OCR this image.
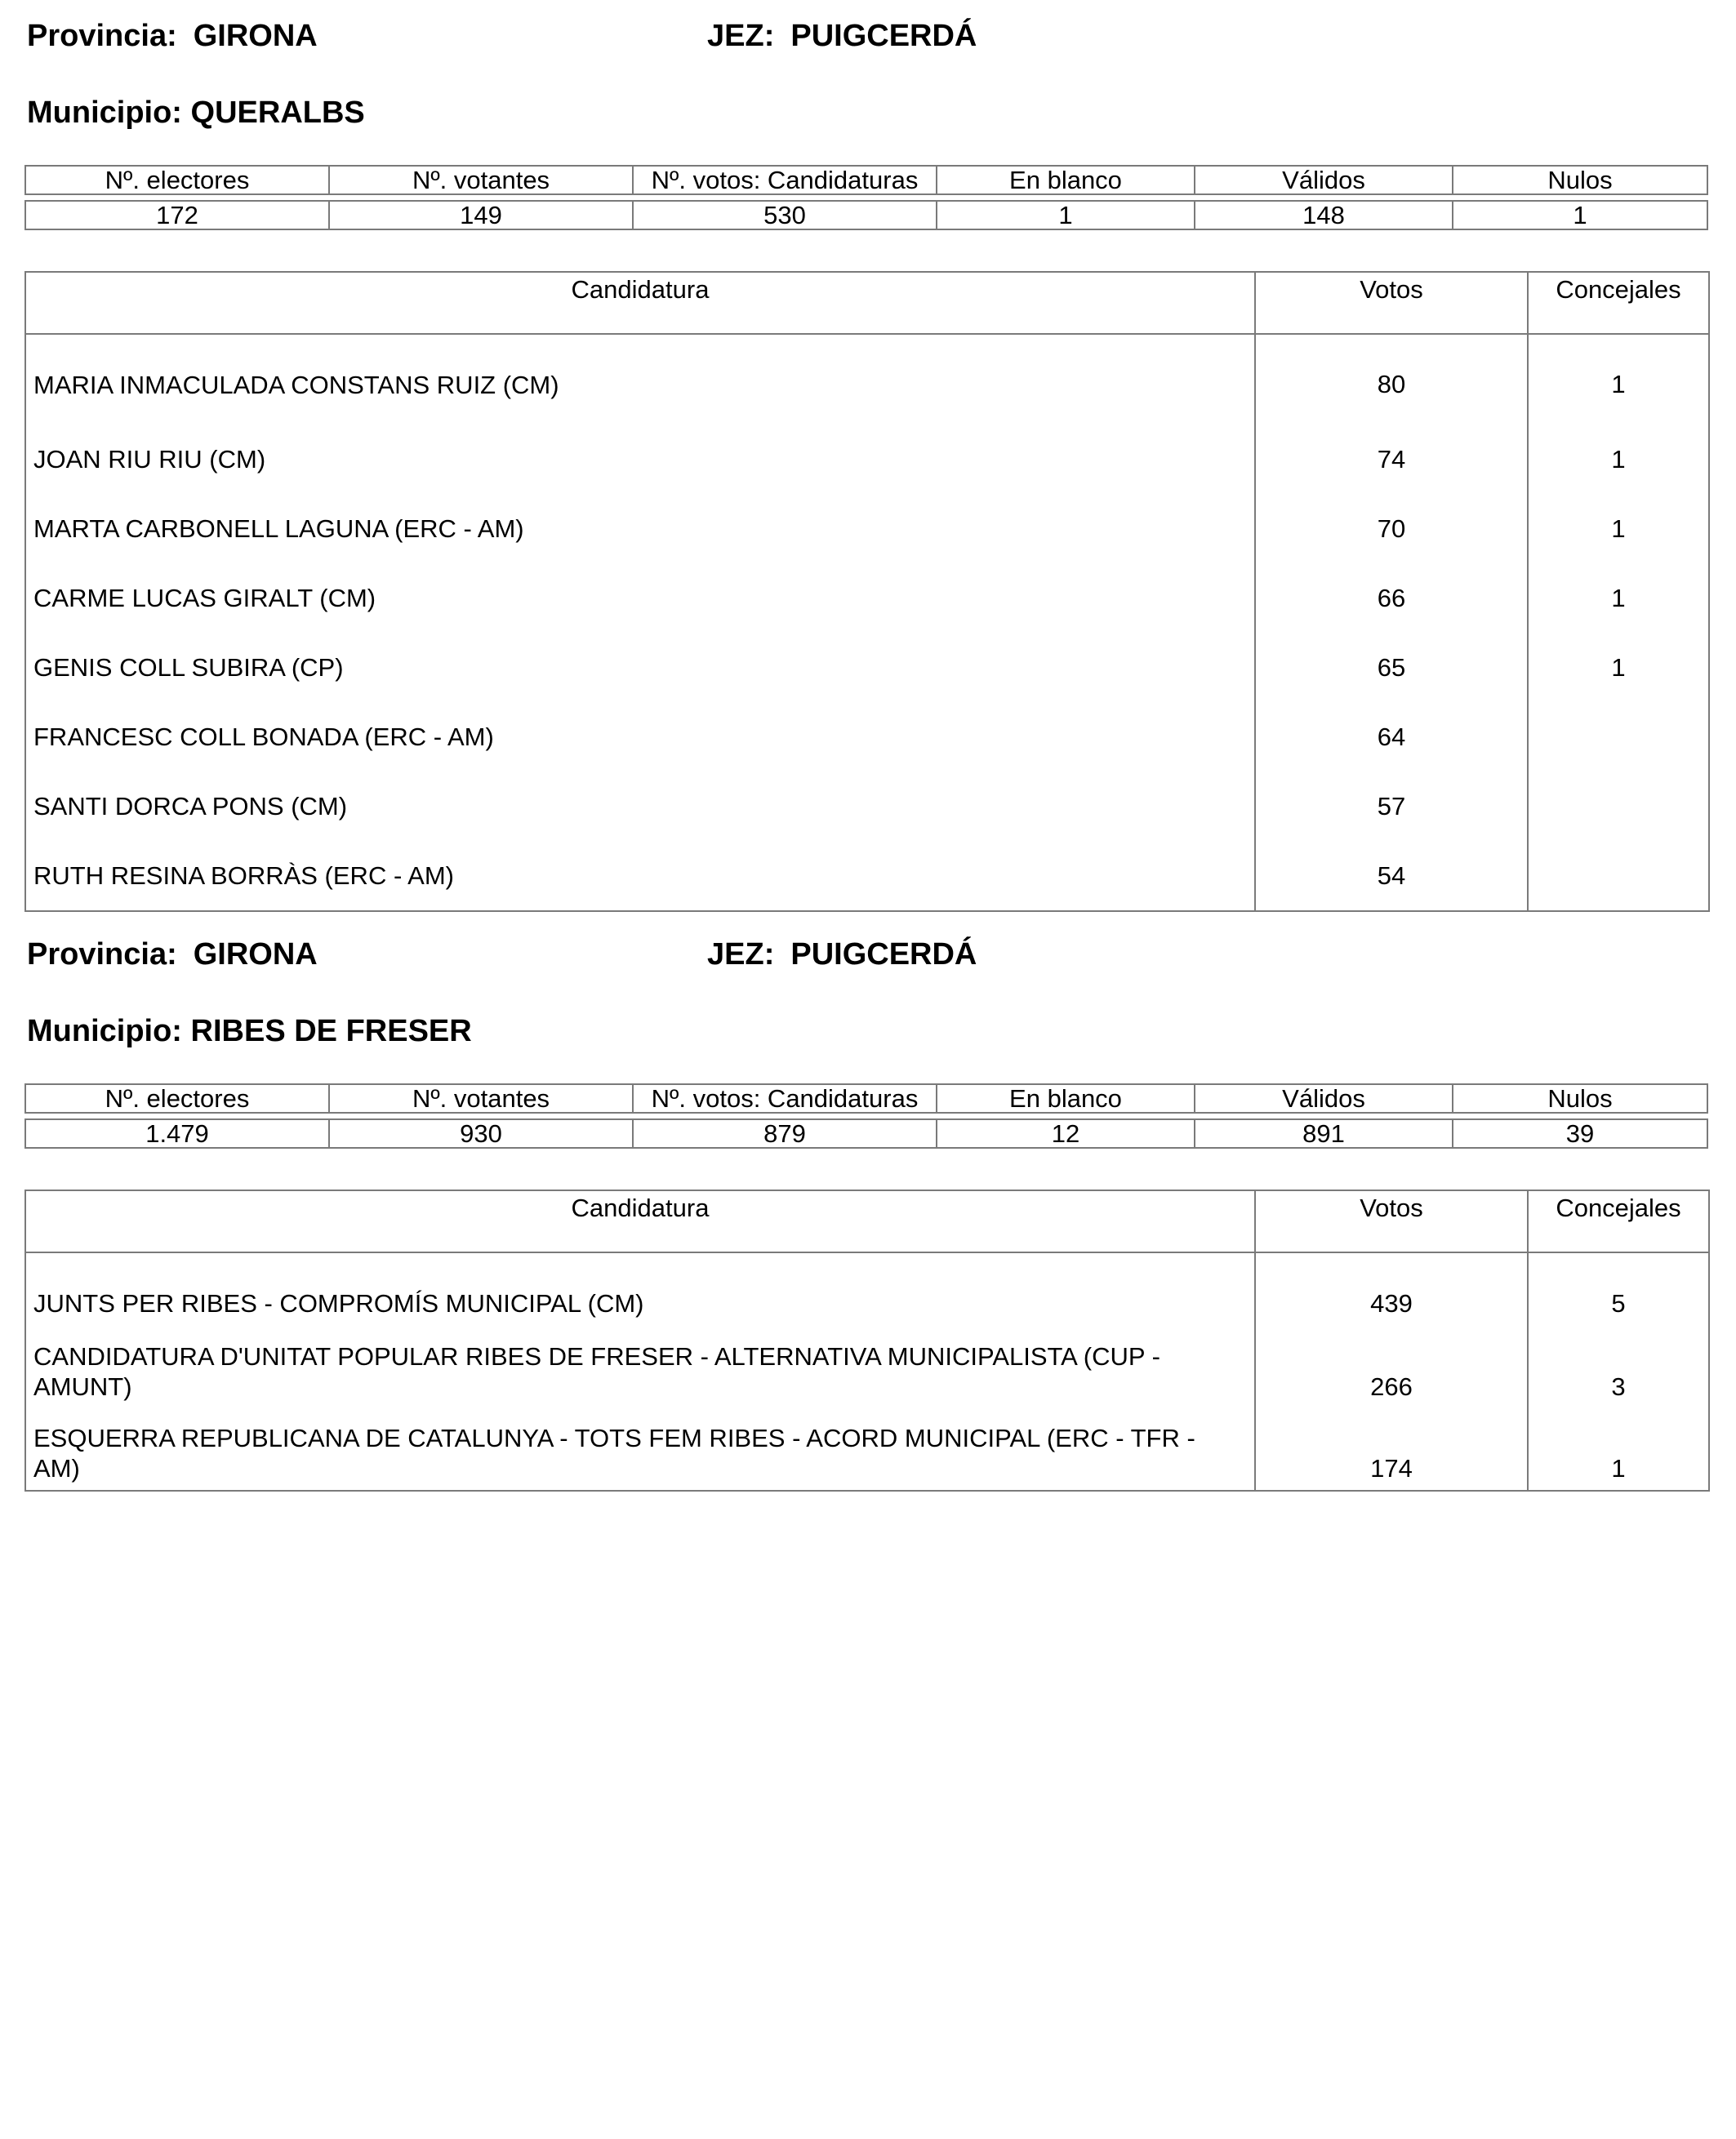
Provincia: GIRONA	JEZ: PUIGCERDÁ
Municipio: QUERALBS
Nº. electores	Nº. votantes	Nº. votos: Candidaturas	En blanco	Válidos	Nulos

172	149	530	1	148	1
Candidatura	Votos	Concejales
MARIA INMACULADA CONSTANS RUIZ (CM)	80	1
JOAN RIU RIU (CM)	74	1
MARTA CARBONELL LAGUNA (ERC - AM)	70	1
CARME LUCAS GIRALT (CM)	66	1
GENIS COLL SUBIRA (CP)	65	1
FRANCESC COLL BONADA (ERC - AM)	64	
SANTI DORCA PONS (CM)	57	
RUTH RESINA BORRÀS (ERC - AM)	54	
Provincia: GIRONA	JEZ: PUIGCERDÁ
Municipio: RIBES DE FRESER
Nº. electores	Nº. votantes	Nº. votos: Candidaturas	En blanco	Válidos	Nulos

1.479	930	879	12	891	39
Candidatura	Votos	Concejales
JUNTS PER RIBES - COMPROMÍS MUNICIPAL (CM)	439	5
CANDIDATURA D'UNITAT POPULAR RIBES DE FRESER - ALTERNATIVA MUNICIPALISTA (CUP - AMUNT)	266	3
ESQUERRA REPUBLICANA DE CATALUNYA - TOTS FEM RIBES - ACORD MUNICIPAL (ERC - TFR - AM)	174	1
